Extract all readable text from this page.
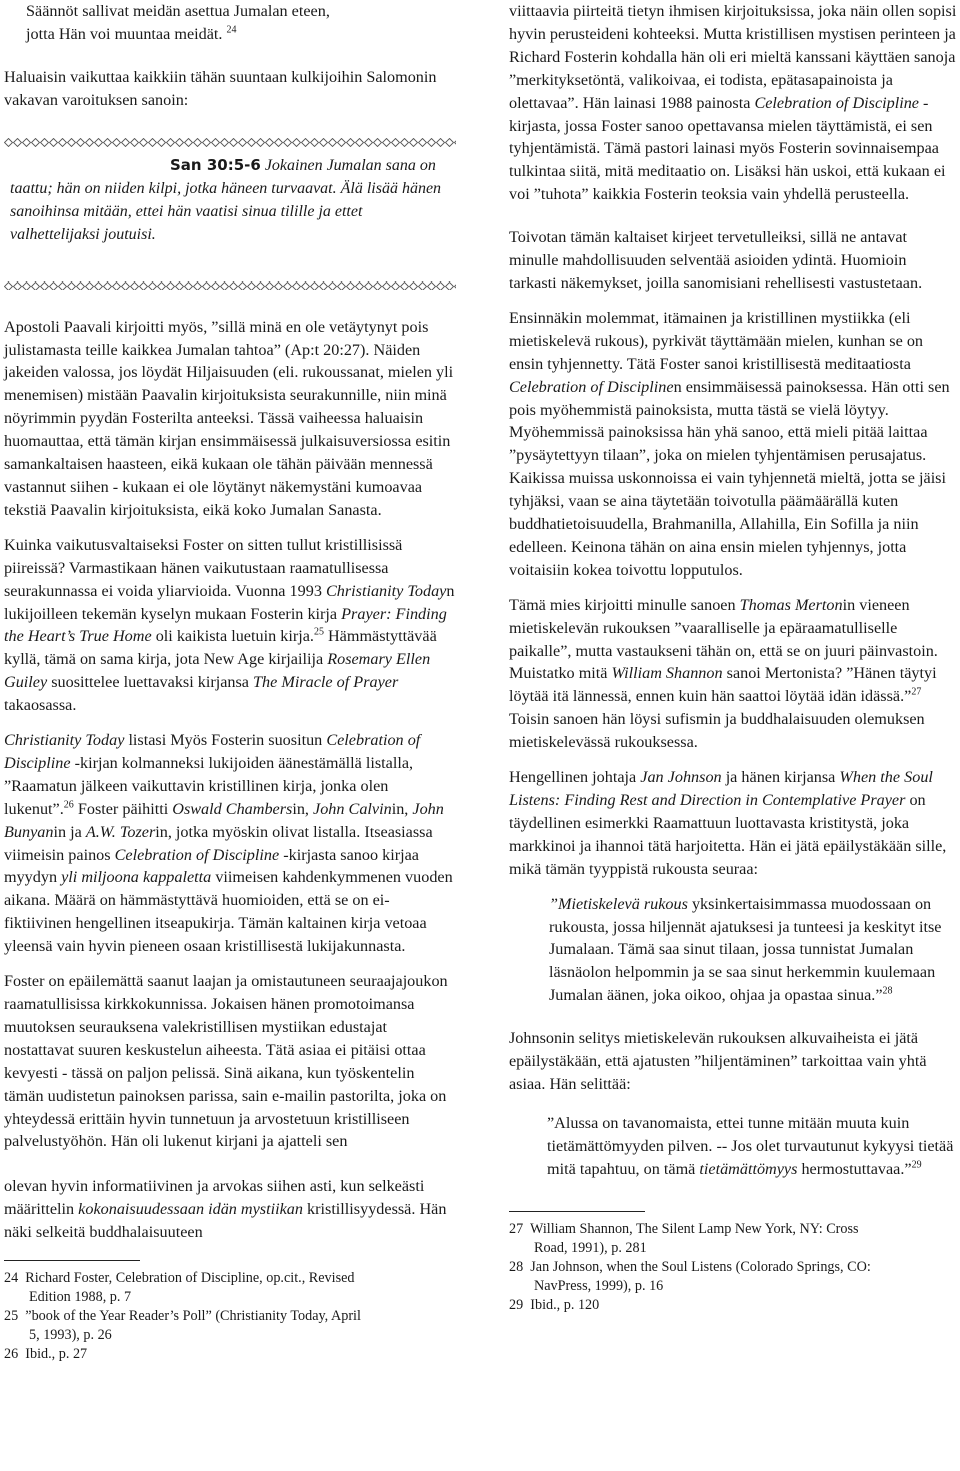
Säännöt sallivat meidän asettua Jumalan eteen,
jotta Hän voi muuntaa meidät. $^{24}$

Haluaisin vaikuttaa kaikkiin tähän suuntaan kulkijoihin Salomonin vakavan varoituksen sanoin:

San 30:5-6 Jokainen Jumalan sana on taattu; hän on niiden kilpi, jotka häneen turvaavat. Älä lisää hänen sanoihinsa mitään, ettei hän vaatisi sinua tilille ja ettet valhettelijaksi joutuisi.

Apostoli Paavali kirjoitti myös, ”sillä minä en ole vetäytynyt pois julistamasta teille kaikkea Jumalan tahtoa” (Ap:t 20:27). Näiden jakeiden valossa, jos löydät Hiljaisuuden (eli. rukoussanat, mielen yli menemisen) mistään Paavalin kirjoituksista seurakunnille, niin minä nöyrimmin pyydän Fosterilta anteeksi. Tässä vaiheessa haluaisin huomauttaa, että tämän kirjan ensimmäisessä julkaisuversiossa esitin samankaltaisen haasteen, eikä kukaan ole tähän päivään mennessä vastannut siihen - kukaan ei ole löytänyt näkemystäni kumoavaa tekstiä Paavalin kirjoituksista, eikä koko Jumalan Sanasta.

Kuinka vaikutusvaltaiseksi Foster on sitten tullut kristillisissä piireissä? Varmastikaan hänen vaikutustaan raamatullisessa seurakunnassa ei voida yliarvioida. Vuonna 1993 Christianity Todayn lukijoilleen tekemän kyselyn mukaan Fosterin kirja Prayer: Finding the Heart’s True Home oli kaikista luetuin kirja.$^{25}$ Hämmästyttävää kyllä, tämä on sama kirja, jota New Age kirjailija Rosemary Ellen Guiley suosittelee luettavaksi kirjansa The Miracle of Prayer takaosassa.

Christianity Today listasi Myös Fosterin suositun Celebration of Discipline -kirjan kolmanneksi lukijoiden äänestämällä listalla, ”Raamatun jälkeen vaikuttavin kristillinen kirja, jonka olen lukenut”.$^{26}$ Foster päihitti Oswald Chambersin, John Calvinin, John Bunyanin ja A.W. Tozerin, jotka myöskin olivat listalla. Itseasiassa viimeisin painos Celebration of Discipline -kirjasta sanoo kirjaa myydyn yli miljoona kappaletta viimeisen kahdenkymmenen vuoden aikana. Määrä on hämmästyttävä huomioiden, että se on ei-fiktiivinen hengellinen itseapukirja. Tämän kaltainen kirja vetoaa yleensä vain hyvin pieneen osaan kristillisestä lukijakunnasta.

Foster on epäilemättä saanut laajan ja omistautuneen seuraajajoukon raamatullisissa kirkkokunnissa. Jokaisen hänen promotoimansa muutoksen seurauksena valekristillisen mystiikan edustajat nostattavat suuren keskustelun aiheesta. Tätä asiaa ei pitäisi ottaa kevyesti - tässä on paljon pelissä. Sinä aikana, kun työskentelin tämän uudistetun painoksen parissa, sain e-mailin pastorilta, joka on yhteydessä erittäin hyvin tunnetuun ja arvostetuun kristilliseen palvelustyöhön. Hän oli lukenut kirjani ja ajatteli sen

olevan hyvin informatiivinen ja arvokas siihen asti, kun selkeästi määrittelin kokonaisuudessaan idän mystiikan kristillisyydessä. Hän näki selkeitä buddhalaisuuteen

24 Richard Foster, Celebration of Discipline, op.cit., Revised
Edition 1988, p. 7

25 ”book of the Year Reader’s Poll” (Christianity Today, April
5, 1993), p. 26

26 Ibid., p. 27

viittaavia piirteitä tietyn ihmisen kirjoituksissa, joka näin ollen sopisi hyvin perusteideni kohteeksi. Mutta kristillisen mystisen perinteen ja Richard Fosterin kohdalla hän oli eri mieltä kanssani käyttäen sanoja ”merkityksetöntä, valikoivaa, ei todista, epätasapainoista ja olettavaa”. Hän lainasi 1988 painosta Celebration of Discipline -kirjasta, jossa Foster sanoo opettavansa mielen täyttämistä, ei sen tyhjentämistä. Tämä pastori lainasi myös Fosterin sovinnaisempaa tulkintaa siitä, mitä meditaatio on. Lisäksi hän uskoi, että kukaan ei voi ”tuhota” kaikkia Fosterin teoksia vain yhdellä perusteella.

Toivotan tämän kaltaiset kirjeet tervetulleiksi, sillä ne antavat minulle mahdollisuuden selventää asioiden ydintä. Huomioin tarkasti näkemykset, joilla sanomisiani rehellisesti vastustetaan.

Ensinnäkin molemmat, itämainen ja kristillinen mystiikka (eli mietiskelevä rukous), pyrkivät täyttämään mielen, kunhan se on ensin tyhjennetty. Tätä Foster sanoi kristillisestä meditaatiosta Celebration of Disciplinen ensimmäisessä painoksessa. Hän otti sen pois myöhemmistä painoksista, mutta tästä se vielä löytyy. Myöhemmissä painoksissa hän yhä sanoo, että mieli pitää laittaa ”pysäytettyyn tilaan”, joka on mielen tyhjentämisen perusajatus. Kaikissa muissa uskonnoissa ei vain tyhjennetä mieltä, jotta se jäisi tyhjäksi, vaan se aina täytetään toivotulla päämäärällä kuten buddhatietoisuudella, Brahmanilla, Allahilla, Ein Sofilla ja niin edelleen. Keinona tähän on aina ensin mielen tyhjennys, jotta voitaisiin kokea toivottu lopputulos.

Tämä mies kirjoitti minulle sanoen Thomas Mertonin vieneen mietiskelevän rukouksen ”vaaralliselle ja epäraamatulliselle paikalle”, mutta vastaukseni tähän on, että se on juuri päinvastoin. Muistatko mitä William Shannon sanoi Mertonista? ”Hänen täytyi löytää itä lännessä, ennen kuin hän saattoi löytää idän idässä.”$^{27}$ Toisin sanoen hän löysi sufismin ja buddhalaisuuden olemuksen mietiskelevässä rukouksessa.

Hengellinen johtaja Jan Johnson ja hänen kirjansa When the Soul Listens: Finding Rest and Direction in Contemplative Prayer on täydellinen esimerkki Raamattuun luottavasta kristitystä, joka markkinoi ja ihannoi tätä harjoitetta. Hän ei jätä epäilystäkään sille, mikä tämän tyyppistä rukousta seuraa:

”Mietiskelevä rukous yksinkertaisimmassa muodossaan on rukousta, jossa hiljennät ajatuksesi ja tunteesi ja keskityt itse Jumalaan. Tämä saa sinut tilaan, jossa tunnistat Jumalan läsnäolon helpommin ja se saa sinut herkemmin kuulemaan Jumalan äänen, joka oikoo, ohjaa ja opastaa sinua.”$^{28}$

Johnsonin selitys mietiskelevän rukouksen alkuvaiheista ei jätä epäilystäkään, että ajatusten ”hiljentäminen” tarkoittaa vain yhtä asiaa. Hän selittää:

”Alussa on tavanomaista, ettei tunne mitään muuta kuin tietämättömyyden pilven. -- Jos olet turvautunut kykyysi tietää mitä tapahtuu, on tämä tietämättömyys hermostuttavaa.”$^{29}$

27 William Shannon, The Silent Lamp New York, NY: Cross
Road, 1991), p. 281

28 Jan Johnson, when the Soul Listens (Colorado Springs, CO:
NavPress, 1999), p. 16

29 Ibid., p. 120
